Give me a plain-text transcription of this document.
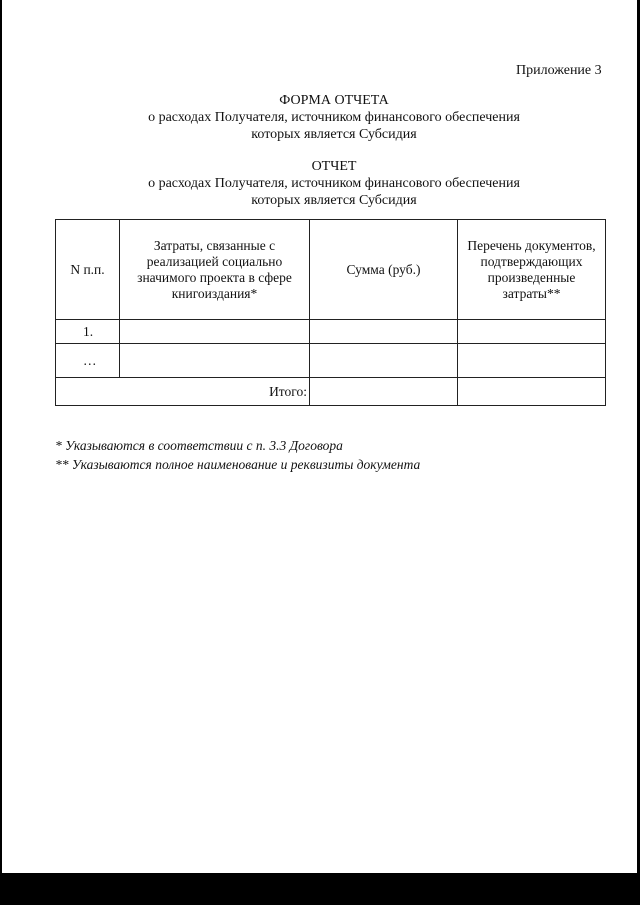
Приложение 3
ФОРМА ОТЧЕТА
о расходах Получателя, источником финансового обеспечения
которых является Субсидия
ОТЧЕТ
о расходах Получателя, источником финансового обеспечения
которых является Субсидия
N п.п.	Затраты, связанные с реализацией социально значимого проекта в сфере книгоиздания*	Сумма (руб.)	Перечень документов, подтверждающих произведенные затраты**
1.			
…			
Итого:			
* Указываются в соответствии с п. 3.3 Договора
** Указываются полное наименование и реквизиты документа
